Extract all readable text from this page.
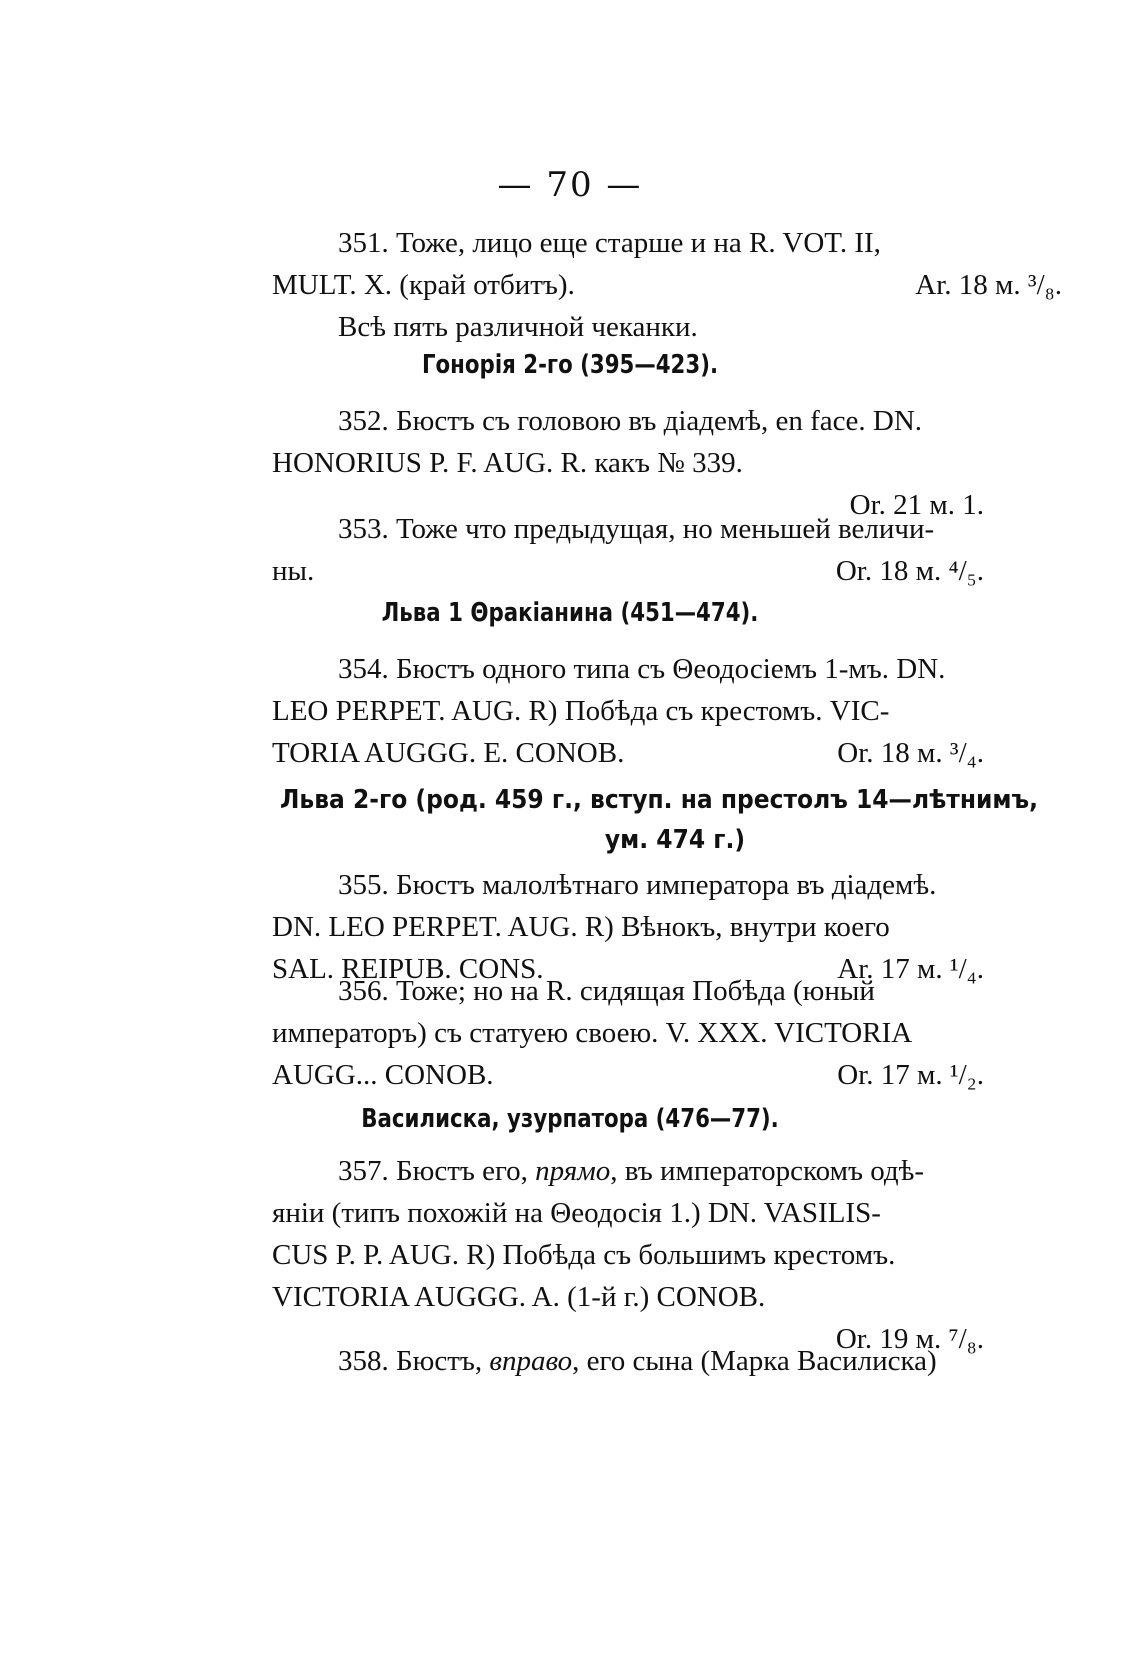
— 70 —

351. Тоже, лицо еще старше и на R. VOT. II,

MULT. X. (край отбитъ).	Ar. 18 м. ³/₈.

Всѣ пять различной чеканки.

Гонорія 2-го (395—423).

352. Бюстъ съ головою въ діадемѣ, en face. DN.

HONORIUS P. F. AUG. R. какъ № 339.

Or. 21 м. 1.

353. Тоже что предыдущая, но меньшей величи-

ны.	Or. 18 м. ⁴/₅.

Льва 1 Θракіанина (451—474).

354. Бюстъ одного типа съ Θеодосіемъ 1-мъ. DN.

LEO PERPET. AUG. R) Побѣда съ крестомъ. VIC-

TORIA AUGGG. E. CONOB.	Or. 18 м. ³/₄.

Льва 2-го (род. 459 г., вступ. на престолъ 14—лѣтнимъ,
ум. 474 г.)

355. Бюстъ малолѣтнаго императора въ діадемѣ.

DN. LEO PERPET. AUG. R) Вѣнокъ, внутри коего

SAL. REIPUB. CONS.	Ar. 17 м. ¹/₄.

356. Тоже; но на R. сидящая Побѣда (юный

императоръ) съ статуею своею. V. XXX. VICTORIA

AUGG... CONOB.	Or. 17 м. ¹/₂.

Василиска, узурпатора (476—77).

357. Бюстъ его, прямо, въ императорскомъ одѣ-

яніи (типъ похожій на Θеодосія 1.) DN. VASILIS-

CUS P. P. AUG. R) Побѣда съ большимъ крестомъ.

VICTORIA AUGGG. A. (1-й г.) CONOB.

Or. 19 м. ⁷/₈.

358. Бюстъ, вправо, его сына (Марка Василиска)
